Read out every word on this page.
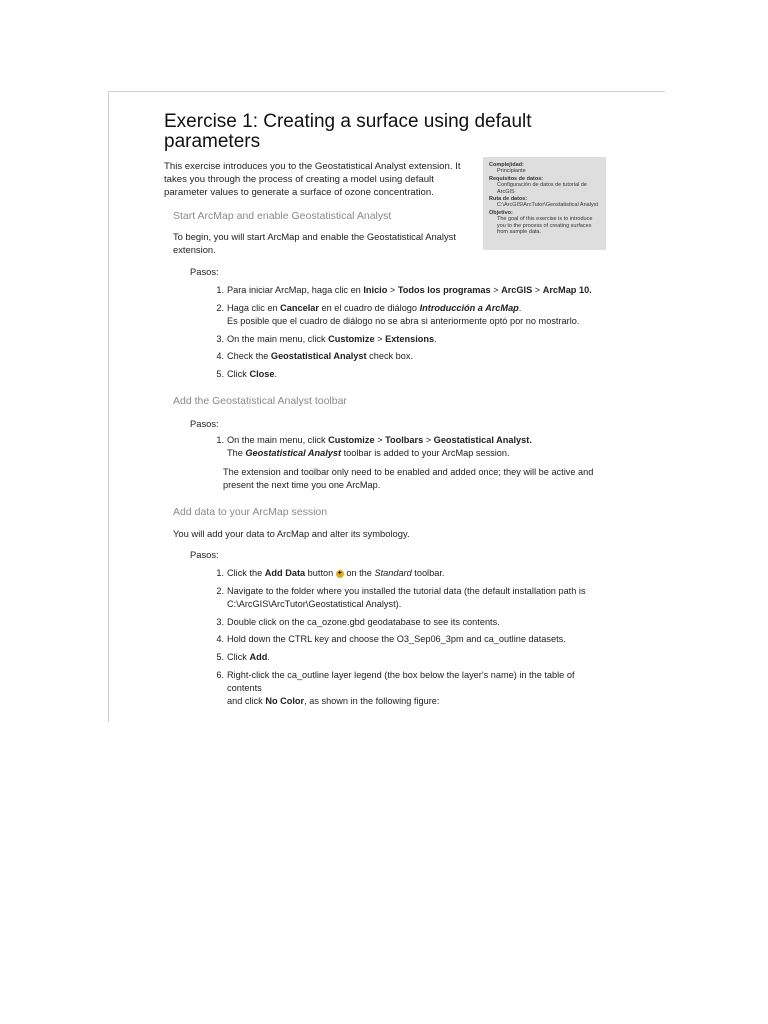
Exercise 1: Creating a surface using default parameters

This exercise introduces you to the Geostatistical Analyst extension. It takes you through the process of creating a model using default parameter values to generate a surface of ozone concentration.

Complejidad:
Principiante
Requisitos de datos:
Configuración de datos de tutorial de ArcGIS
Ruta de datos:
C:\ArcGIS\ArcTutor\Geostatistical Analyst
Objetivo:
The goal of this exercise is to introduce you to the process of creating surfaces from sample data.
Start ArcMap and enable Geostatistical Analyst

To begin, you will start ArcMap and enable the Geostatistical Analyst extension.

Pasos:

1. Para iniciar ArcMap, haga clic en Inicio > Todos los programas > ArcGIS > ArcMap 10.
2. Haga clic en Cancelar en el cuadro de diálogo Introducción a ArcMap.
Es posible que el cuadro de diálogo no se abra si anteriormente optó por no mostrarlo.
3. On the main menu, click Customize > Extensions.
4. Check the Geostatistical Analyst check box.
5. Click Close.
Add the Geostatistical Analyst toolbar

Pasos:

1. On the main menu, click Customize > Toolbars > Geostatistical Analyst.
The Geostatistical Analyst toolbar is added to your ArcMap session.

The extension and toolbar only need to be enabled and added once; they will be active and present the next time you one ArcMap.

Add data to your ArcMap session

You will add your data to ArcMap and alter its symbology.

Pasos:

1. Click the Add Data button + on the Standard toolbar.
2. Navigate to the folder where you installed the tutorial data (the default installation path is
C:\ArcGIS\ArcTutor\Geostatistical Analyst).
3. Double click on the ca_ozone.gbd geodatabase to see its contents.
4. Hold down the CTRL key and choose the O3_Sep06_3pm and ca_outline datasets.
5. Click Add.
6. Right-click the ca_outline layer legend (the box below the layer's name) in the table of contents
and click No Color, as shown in the following figure:
